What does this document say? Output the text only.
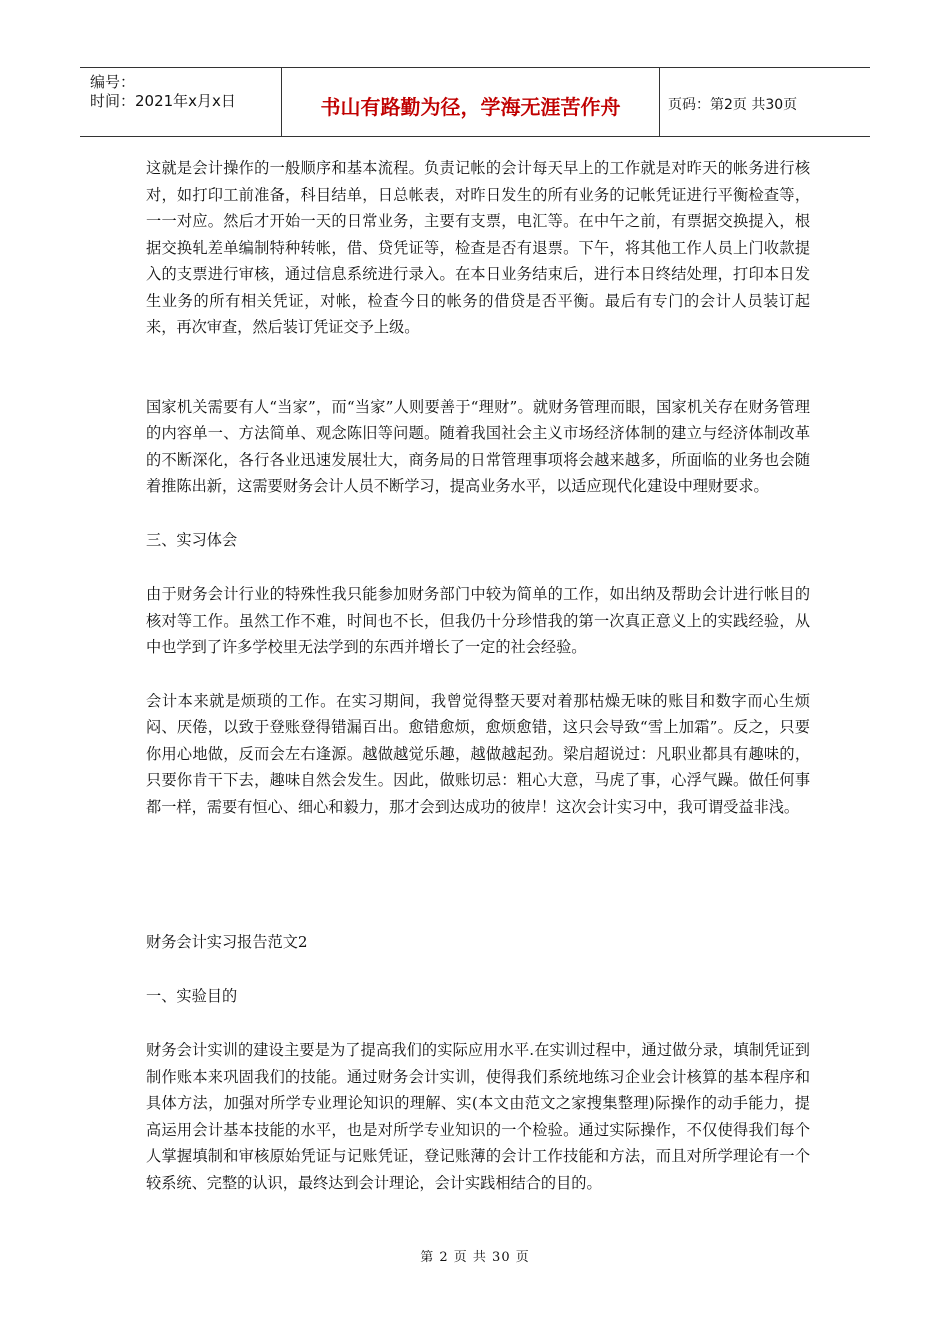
编号：
时间：2021年x月x日	书山有路勤为径，学海无涯苦作舟	页码：第2页 共30页

这就是会计操作的一般顺序和基本流程。负责记帐的会计每天早上的工作就是对昨天的帐务进行核对，如打印工前准备，科目结单，日总帐表，对昨日发生的所有业务的记帐凭证进行平衡检查等，一一对应。然后才开始一天的日常业务，主要有支票，电汇等。在中午之前，有票据交换提入，根据交换轧差单编制特种转帐，借、贷凭证等，检查是否有退票。下午，将其他工作人员上门收款提入的支票进行审核，通过信息系统进行录入。在本日业务结束后，进行本日终结处理，打印本日发生业务的所有相关凭证，对帐，检查今日的帐务的借贷是否平衡。最后有专门的会计人员装订起来，再次审查，然后装订凭证交予上级。

国家机关需要有人“当家”，而“当家”人则要善于“理财”。就财务管理而眼，国家机关存在财务管理的内容单一、方法简单、观念陈旧等问题。随着我国社会主义市场经济体制的建立与经济体制改革的不断深化，各行各业迅速发展壮大，商务局的日常管理事项将会越来越多，所面临的业务也会随着推陈出新，这需要财务会计人员不断学习，提高业务水平，以适应现代化建设中理财要求。

三、实习体会

由于财务会计行业的特殊性我只能参加财务部门中较为简单的工作，如出纳及帮助会计进行帐目的核对等工作。虽然工作不难，时间也不长，但我仍十分珍惜我的第一次真正意义上的实践经验，从中也学到了许多学校里无法学到的东西并增长了一定的社会经验。

会计本来就是烦琐的工作。在实习期间，我曾觉得整天要对着那枯燥无味的账目和数字而心生烦闷、厌倦，以致于登账登得错漏百出。愈错愈烦，愈烦愈错，这只会导致“雪上加霜”。反之，只要你用心地做，反而会左右逢源。越做越觉乐趣，越做越起劲。梁启超说过：凡职业都具有趣味的，只要你肯干下去，趣味自然会发生。因此，做账切忌：粗心大意，马虎了事，心浮气躁。做任何事都一样，需要有恒心、细心和毅力，那才会到达成功的彼岸！这次会计实习中，我可谓受益非浅。

财务会计实习报告范文2

一、实验目的

财务会计实训的建设主要是为了提高我们的实际应用水平.在实训过程中，通过做分录，填制凭证到制作账本来巩固我们的技能。通过财务会计实训，使得我们系统地练习企业会计核算的基本程序和具体方法，加强对所学专业理论知识的理解、实(本文由范文之家搜集整理)际操作的动手能力，提高运用会计基本技能的水平，也是对所学专业知识的一个检验。通过实际操作，不仅使得我们每个人掌握填制和审核原始凭证与记账凭证，登记账薄的会计工作技能和方法，而且对所学理论有一个较系统、完整的认识，最终达到会计理论，会计实践相结合的目的。

第 2 页 共 30 页
